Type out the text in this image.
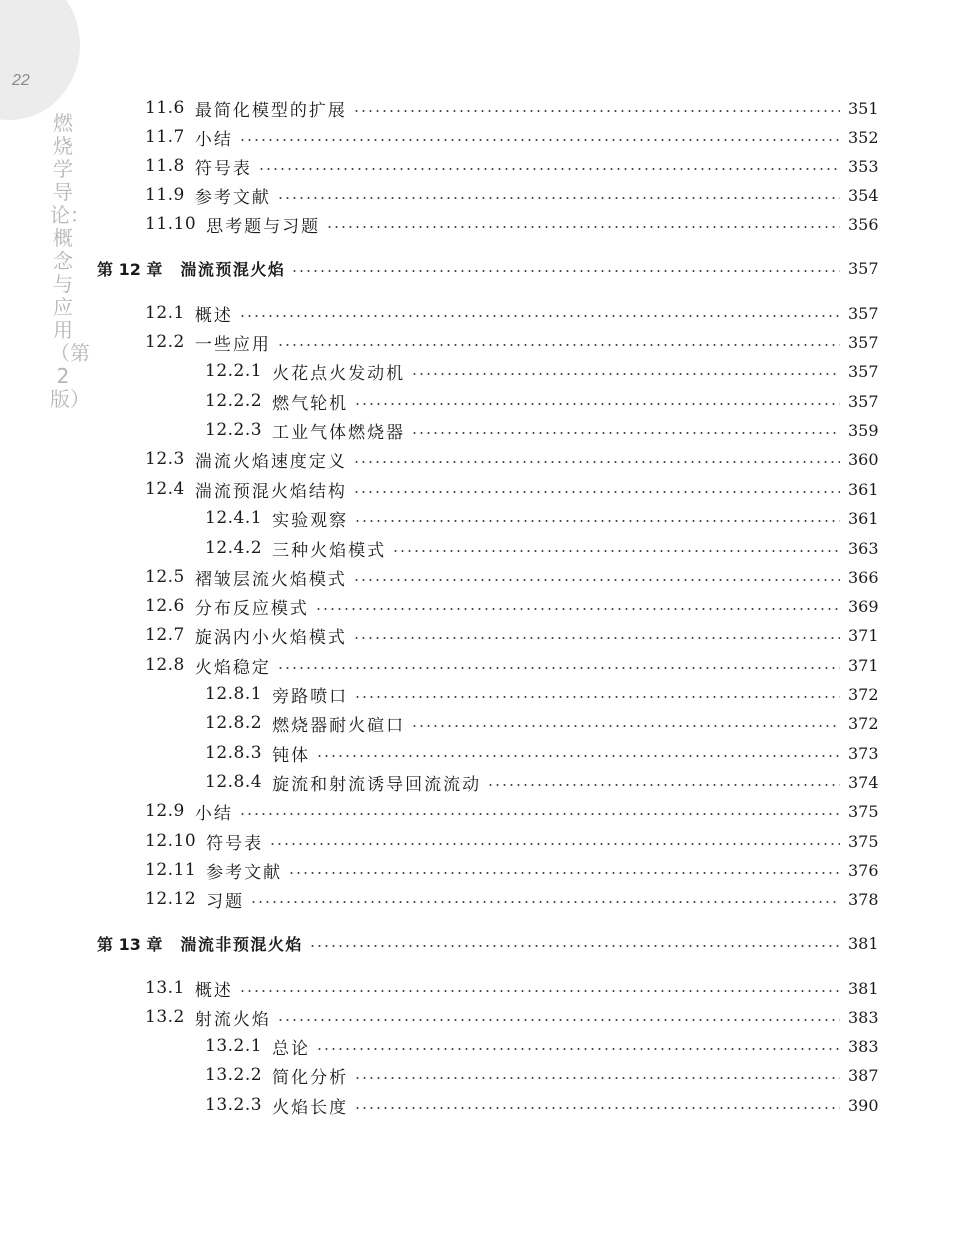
22
燃烧学导论：概念与应用（第2版）
11.6 最简化模型的扩展	351
11.7 小结	352
11.8 符号表	353
11.9 参考文献	354
11.10 思考题与习题	356
第 12 章	湍流预混火焰	357
12.1 概述	357
12.2 一些应用	357
12.2.1 火花点火发动机	357
12.2.2 燃气轮机	357
12.2.3 工业气体燃烧器	359
12.3 湍流火焰速度定义	360
12.4 湍流预混火焰结构	361
12.4.1 实验观察	361
12.4.2 三种火焰模式	363
12.5 褶皱层流火焰模式	366
12.6 分布反应模式	369
12.7 旋涡内小火焰模式	371
12.8 火焰稳定	371
12.8.1 旁路喷口	372
12.8.2 燃烧器耐火碹口	372
12.8.3 钝体	373
12.8.4 旋流和射流诱导回流流动	374
12.9 小结	375
12.10 符号表	375
12.11 参考文献	376
12.12 习题	378
第 13 章	湍流非预混火焰	381
13.1 概述	381
13.2 射流火焰	383
13.2.1 总论	383
13.2.2 简化分析	387
13.2.3 火焰长度	390
